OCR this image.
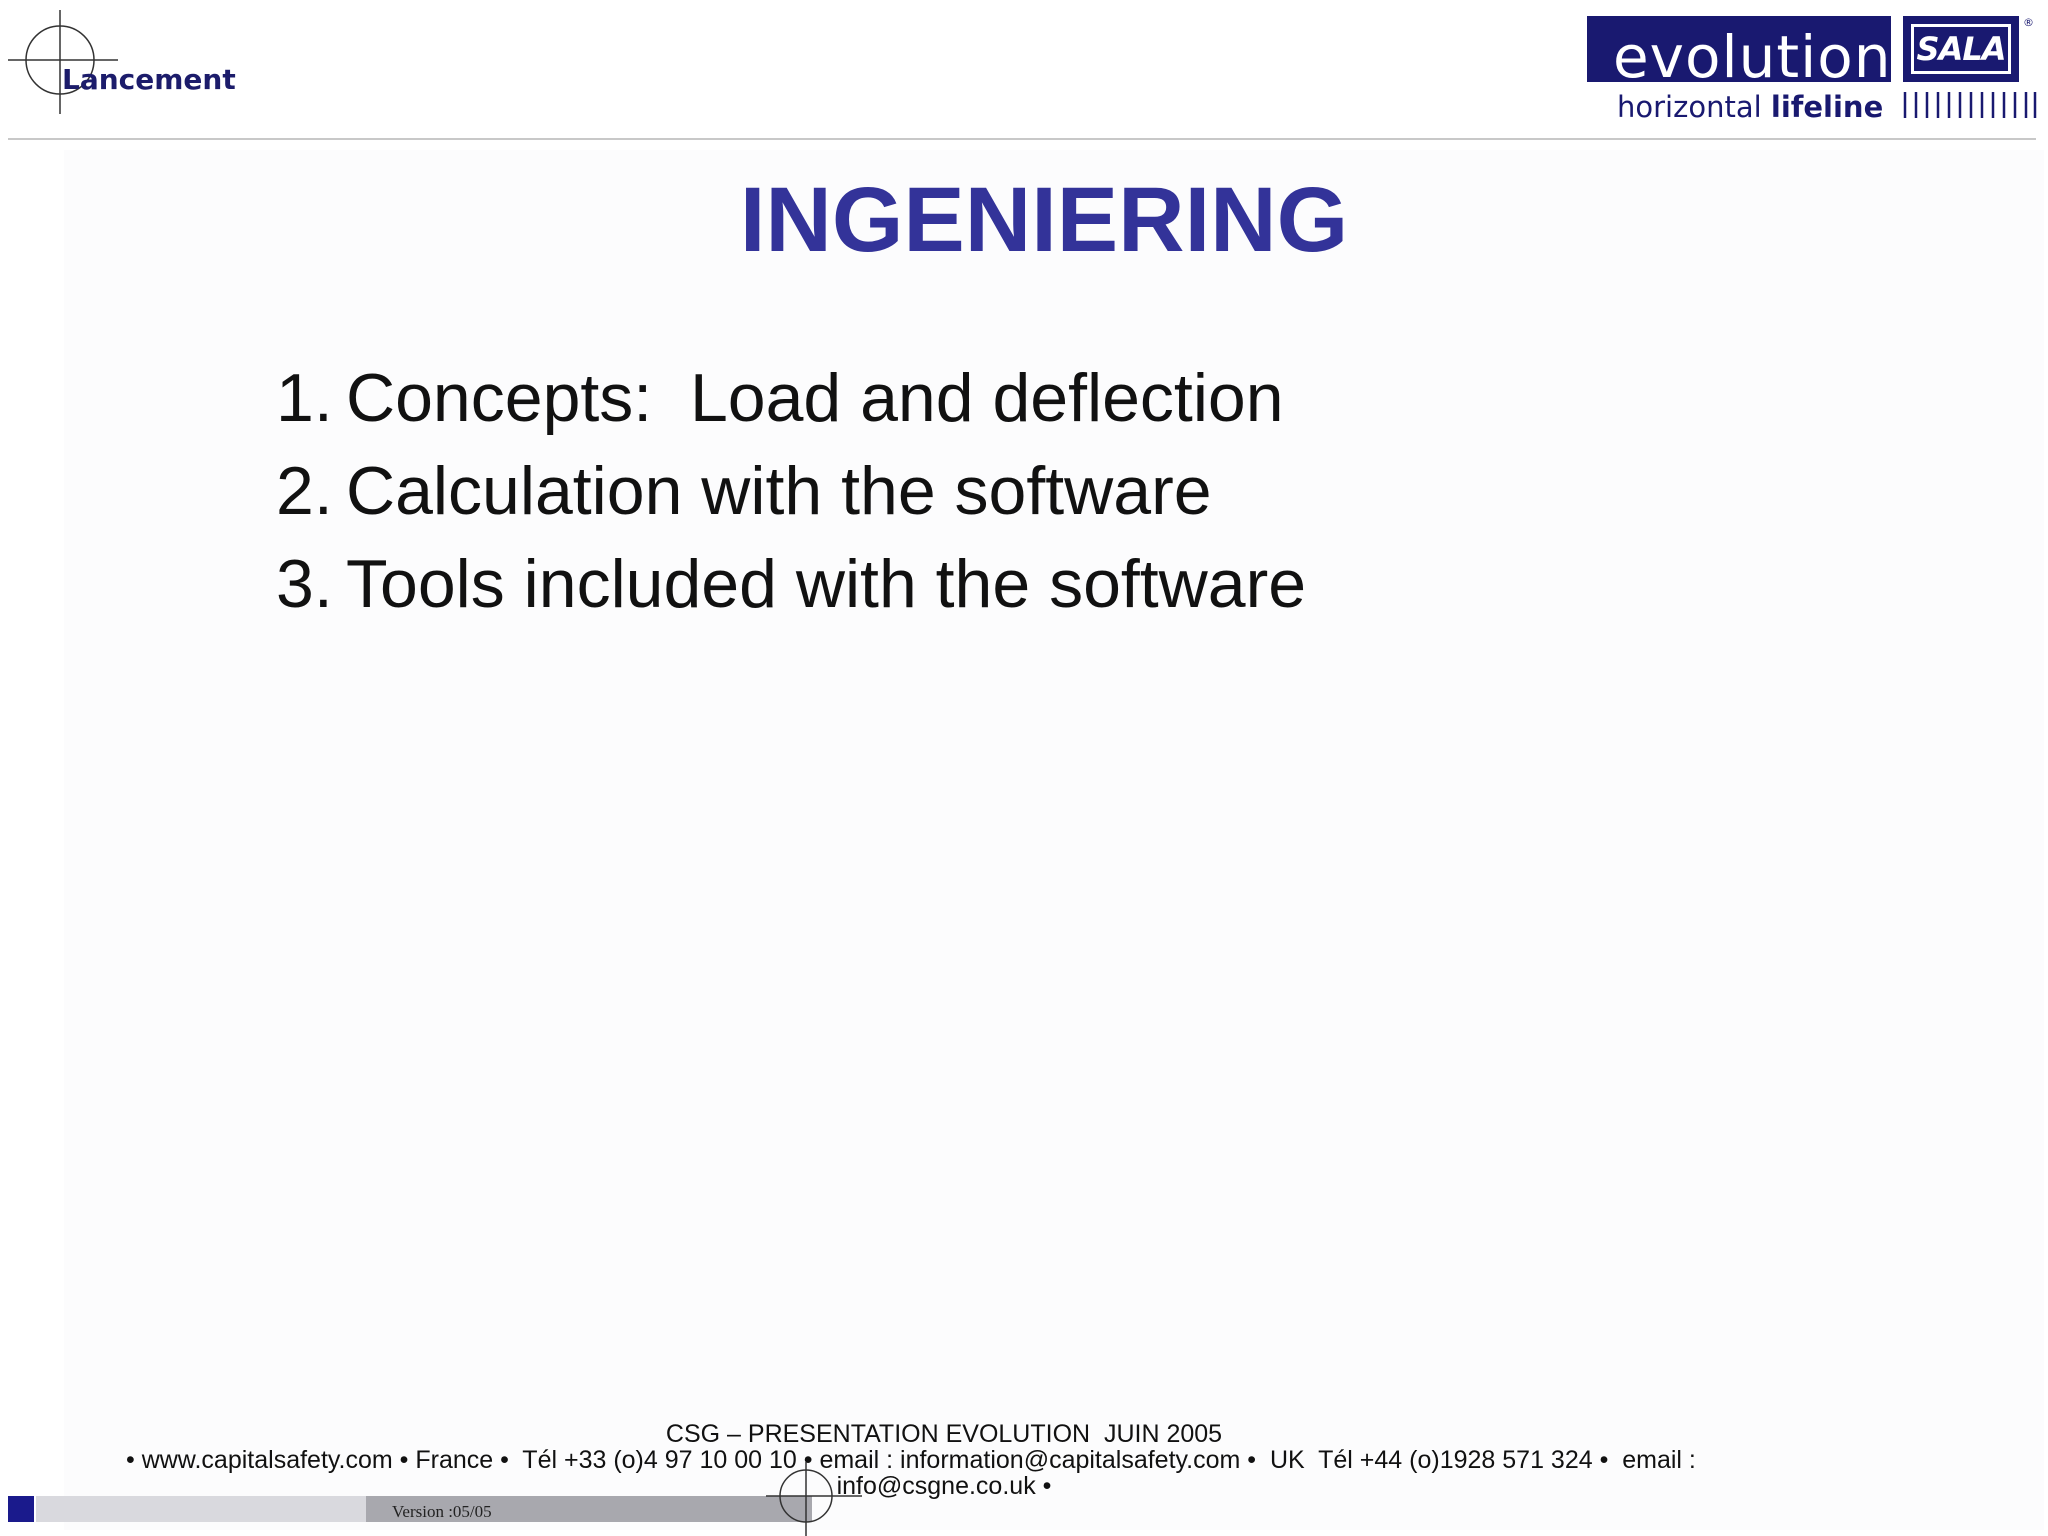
Lancement	evolution
horizontal lifeline
SALA
®
INGENIERING
1. Concepts:  Load and deflection
2. Calculation with the software
3. Tools included with the software
CSG – PRESENTATION EVOLUTION  JUIN 2005
• www.capitalsafety.com • France •  Tél +33 (o)4 97 10 00 10 • email : information@capitalsafety.com •  UK  Tél +44 (o)1928 571 324 •  email :
info@csgne.co.uk •
Version :05/05
